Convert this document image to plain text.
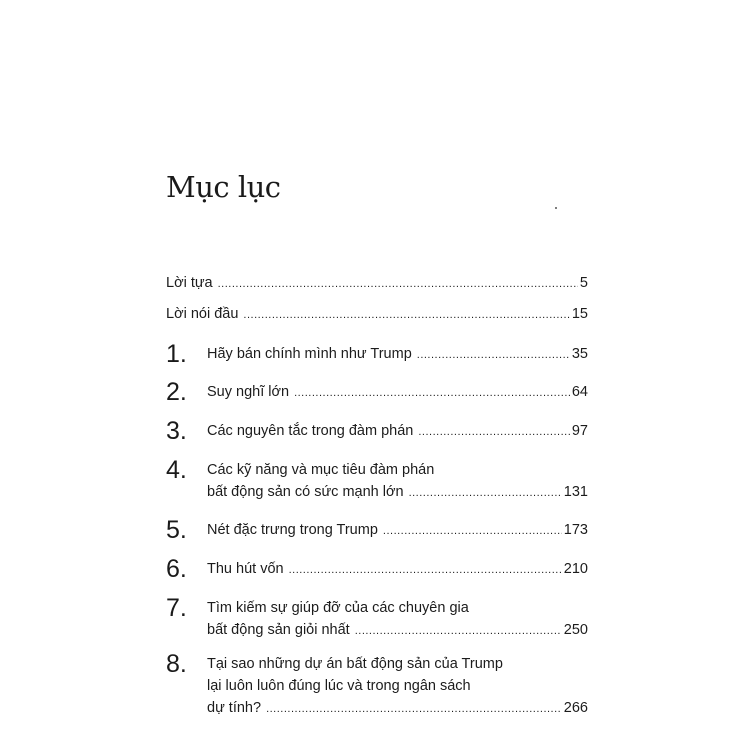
Mục lục
Lời tựa .....	5
Lời nói đầu .....	15
1. Hãy bán chính mình như Trump .....	35
2. Suy nghĩ lớn .....	64
3. Các nguyên tắc trong đàm phán .....	97
4. Các kỹ năng và mục tiêu đàm phán
bất động sản có sức mạnh lớn .....	131
5. Nét đặc trưng trong Trump .....	173
6. Thu hút vốn .....	210
7. Tìm kiếm sự giúp đỡ của các chuyên gia
bất động sản giỏi nhất .....	250
8. Tại sao những dự án bất động sản của Trump
lại luôn luôn đúng lúc và trong ngân sách
dự tính? .....	266
